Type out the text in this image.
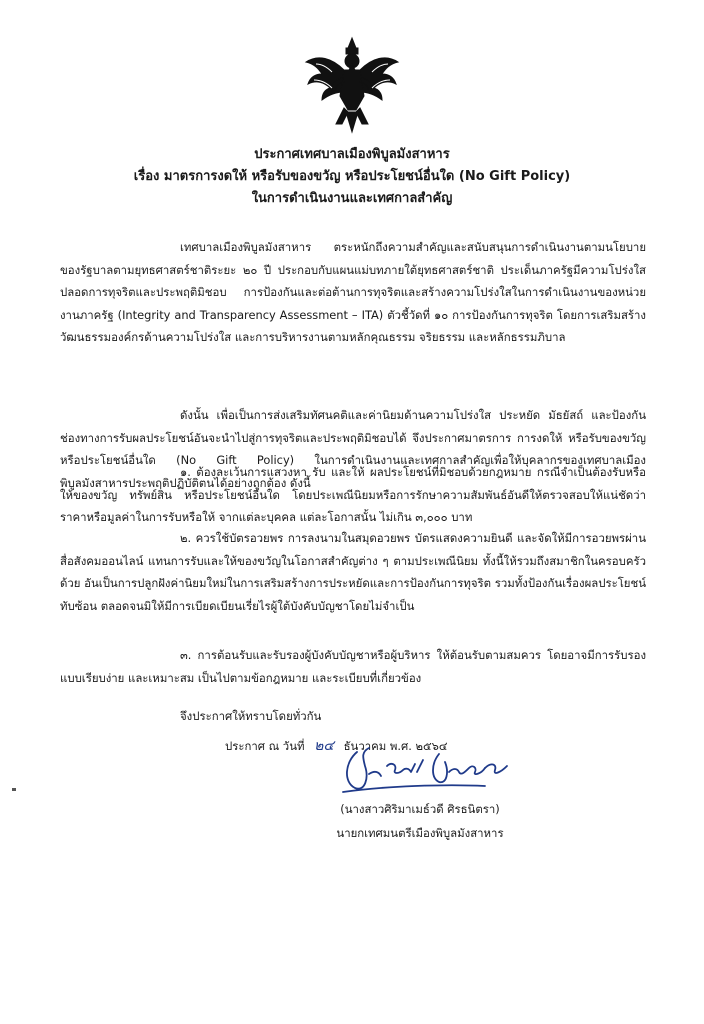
ประกาศเทศบาลเมืองพิบูลมังสาหาร
เรื่อง มาตรการงดให้ หรือรับของขวัญ หรือประโยชน์อื่นใด (No Gift Policy)
ในการดำเนินงานและเทศกาลสำคัญ
เทศบาลเมืองพิบูลมังสาหาร ตระหนักถึงความสำคัญและสนับสนุนการดำเนินงานตามนโยบายของรัฐบาลตามยุทธศาสตร์ชาติระยะ ๒๐ ปี ประกอบกับแผนแม่บทภายใต้ยุทธศาสตร์ชาติ ประเด็นภาครัฐมีความโปร่งใส ปลอดการทุจริตและประพฤติมิชอบ การป้องกันและต่อต้านการทุจริตและสร้างความโปร่งใสในการดำเนินงานของหน่วยงานภาครัฐ (Integrity and Transparency Assessment – ITA) ตัวชี้วัดที่ ๑๐ การป้องกันการทุจริต โดยการเสริมสร้างวัฒนธรรมองค์กรด้านความโปร่งใส และการบริหารงานตามหลักคุณธรรม จริยธรรม และหลักธรรมภิบาล
ดังนั้น เพื่อเป็นการส่งเสริมทัศนคติและค่านิยมด้านความโปร่งใส ประหยัด มัธยัสถ์ และป้องกันช่องทางการรับผลประโยชน์อันจะนำไปสู่การทุจริตและประพฤติมิชอบได้ จึงประกาศมาตรการ การงดให้ หรือรับของขวัญ หรือประโยชน์อื่นใด (No Gift Policy) ในการดำเนินงานและเทศกาลสำคัญเพื่อให้บุคลากรของเทศบาลเมืองพิบูลมังสาหารประพฤติปฏิบัติตนได้อย่างถูกต้อง ดังนี้
๑. ต้องละเว้นการแสวงหา รับ และให้ ผลประโยชน์ที่มิชอบด้วยกฎหมาย กรณีจำเป็นต้องรับหรือให้ของขวัญ ทรัพย์สิน หรือประโยชน์อื่นใด โดยประเพณีนิยมหรือการรักษาความสัมพันธ์อันดีให้ตรวจสอบให้แน่ชัดว่าราคาหรือมูลค่าในการรับหรือให้ จากแต่ละบุคคล แต่ละโอกาสนั้น ไม่เกิน ๓,๐๐๐ บาท
๒. ควรใช้บัตรอวยพร การลงนามในสมุดอวยพร บัตรแสดงความยินดี และจัดให้มีการอวยพรผ่านสื่อสังคมออนไลน์ แทนการรับและให้ของขวัญในโอกาสสำคัญต่าง ๆ ตามประเพณีนิยม ทั้งนี้ให้รวมถึงสมาชิกในครอบครัวด้วย อันเป็นการปลูกฝังค่านิยมใหม่ในการเสริมสร้างการประหยัดและการป้องกันการทุจริต รวมทั้งป้องกันเรื่องผลประโยชน์ทับซ้อน ตลอดจนมิให้มีการเบียดเบียนเรี่ยไรผู้ใต้บังคับบัญชาโดยไม่จำเป็น
๓. การต้อนรับและรับรองผู้บังคับบัญชาหรือผู้บริหาร ให้ต้อนรับตามสมควร โดยอาจมีการรับรองแบบเรียบง่าย และเหมาะสม เป็นไปตามข้อกฎหมาย และระเบียบที่เกี่ยวข้อง
จึงประกาศให้ทราบโดยทั่วกัน
ประกาศ ณ วันที่ ๒๔ ธันวาคม พ.ศ. ๒๕๖๔
(นางสาวศิริมาเมธ์วดี ศิรธนิตรา)
นายกเทศมนตรีเมืองพิบูลมังสาหาร
